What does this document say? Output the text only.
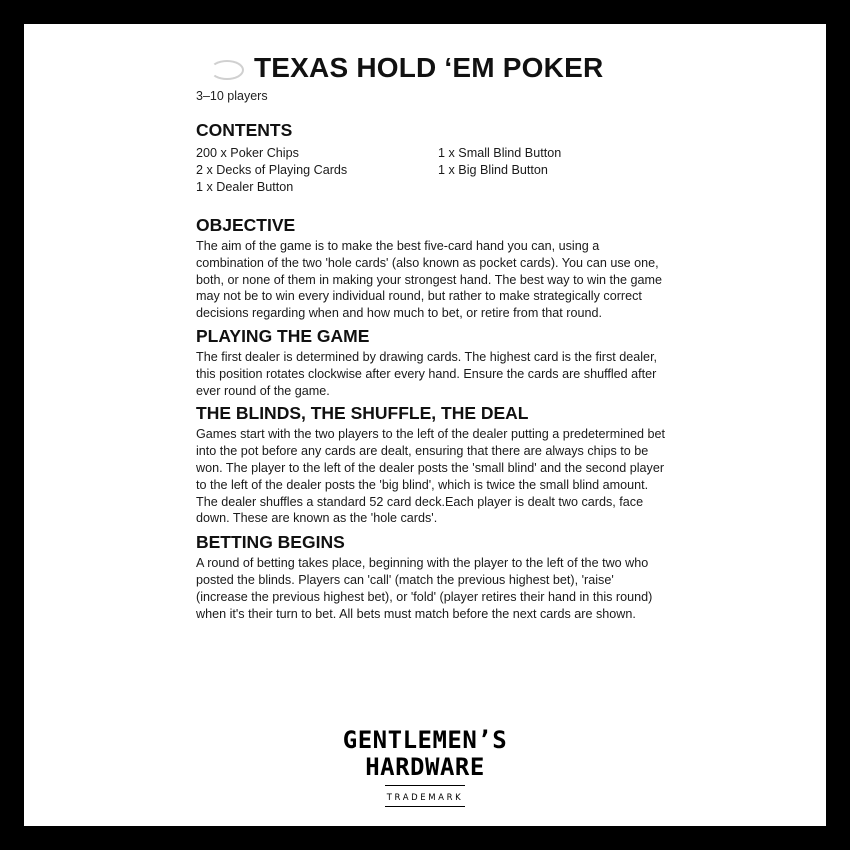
TEXAS HOLD ‘EM POKER
3–10 players
CONTENTS
200 x Poker Chips
2 x Decks of Playing Cards
1 x Dealer Button
1 x Small Blind Button
1 x Big Blind Button
OBJECTIVE

The aim of the game is to make the best five-card hand you can, using a combination of the two 'hole cards' (also known as pocket cards). You can use one, both, or none of them in making your strongest hand. The best way to win the game may not be to win every individual round, but rather to make strategically correct decisions regarding when and how much to bet, or retire from that round.

PLAYING THE GAME

The first dealer is determined by drawing cards. The highest card is the first dealer, this position rotates clockwise after every hand. Ensure the cards are shuffled after ever round of the game.

THE BLINDS, THE SHUFFLE, THE DEAL

Games start with the two players to the left of the dealer putting a predetermined bet into the pot before any cards are dealt, ensuring that there are always chips to be won. The player to the left of the dealer posts the 'small blind' and the second player to the left of the dealer posts the 'big blind', which is twice the small blind amount. The dealer shuffles a standard 52 card deck.Each player is dealt two cards, face down. These are known as the 'hole cards'.

BETTING BEGINS

A round of betting takes place, beginning with the player to the left of the two who posted the blinds. Players can 'call' (match the previous highest bet), 'raise' (increase the previous highest bet), or 'fold' (player retires their hand in this round) when it's their turn to bet. All bets must match before the next cards are shown.

GENTLEMEN’S
HARDWARE
TRADEMARK
